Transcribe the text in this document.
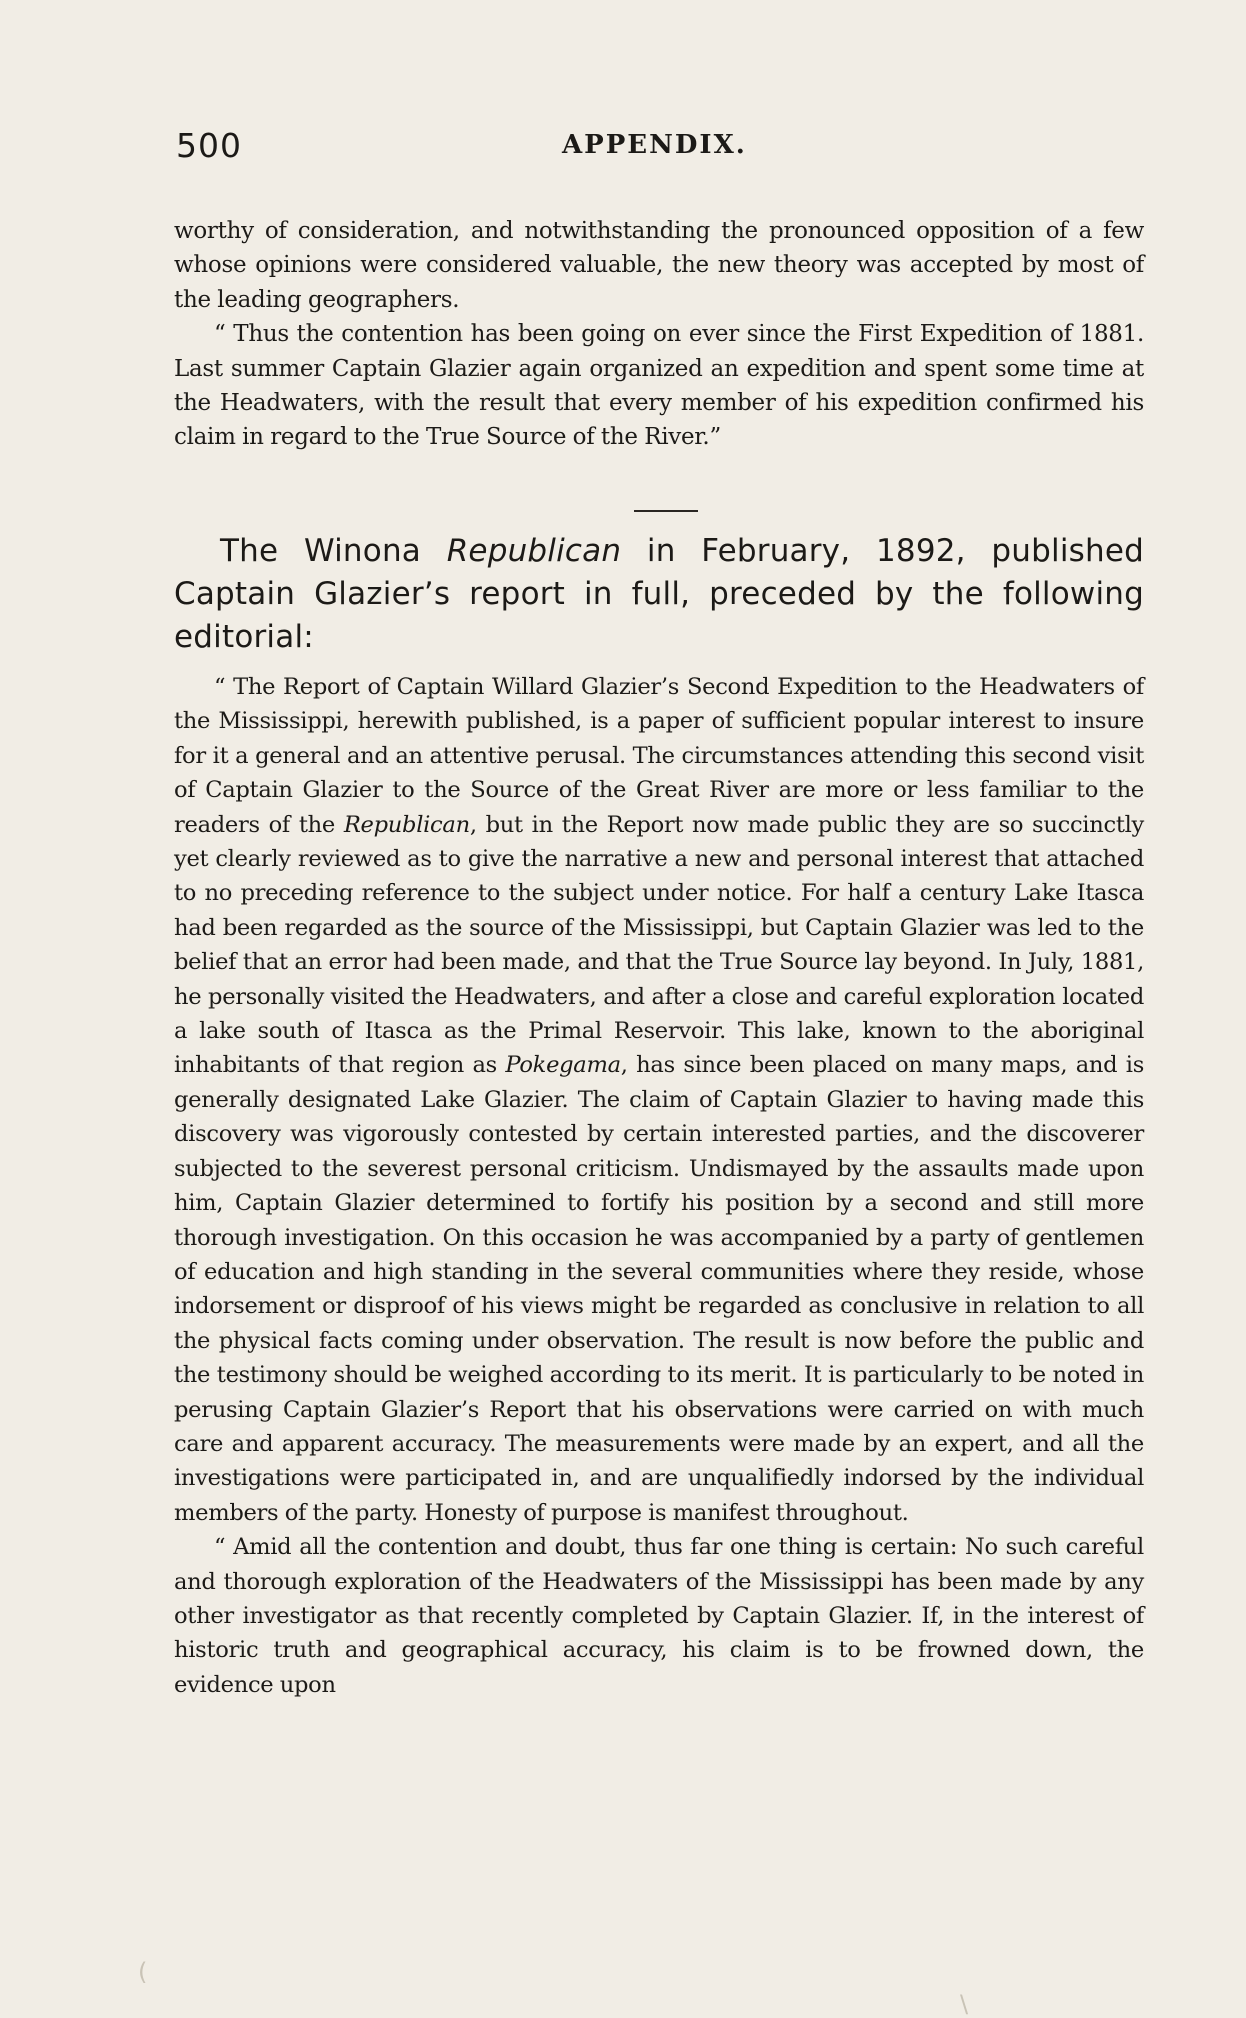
500	APPENDIX.

worthy of consideration, and notwithstanding the pronounced opposition of a few whose opinions were considered valuable, the new theory was accepted by most of the leading geographers.

“ Thus the contention has been going on ever since the First Expedition of 1881. Last summer Captain Glazier again organized an expedition and spent some time at the Headwaters, with the result that every member of his expedition confirmed his claim in regard to the True Source of the River.”

The Winona Republican in February, 1892, published Captain Glazier’s report in full, preceded by the following editorial:

“ The Report of Captain Willard Glazier’s Second Expedition to the Headwaters of the Mississippi, herewith published, is a paper of sufficient popular interest to insure for it a general and an attentive perusal. The circumstances attending this second visit of Captain Glazier to the Source of the Great River are more or less familiar to the readers of the Republican, but in the Report now made public they are so succinctly yet clearly reviewed as to give the narrative a new and personal interest that attached to no preceding reference to the subject under notice. For half a century Lake Itasca had been regarded as the source of the Mississippi, but Captain Glazier was led to the belief that an error had been made, and that the True Source lay beyond. In July, 1881, he personally visited the Headwaters, and after a close and careful exploration located a lake south of Itasca as the Primal Reservoir. This lake, known to the aboriginal inhabitants of that region as Pokegama, has since been placed on many maps, and is generally designated Lake Glazier. The claim of Captain Glazier to having made this discovery was vigorously contested by certain interested parties, and the discoverer subjected to the severest personal criticism. Undismayed by the assaults made upon him, Captain Glazier determined to fortify his position by a second and still more thorough investigation. On this occasion he was accompanied by a party of gentlemen of education and high standing in the several communities where they reside, whose indorsement or disproof of his views might be regarded as conclusive in relation to all the physical facts coming under observation. The result is now before the public and the testimony should be weighed according to its merit. It is particularly to be noted in perusing Captain Glazier’s Report that his observations were carried on with much care and apparent accuracy. The measurements were made by an expert, and all the investigations were participated in, and are unqualifiedly indorsed by the individual members of the party. Honesty of purpose is manifest throughout.

“ Amid all the contention and doubt, thus far one thing is certain: No such careful and thorough exploration of the Headwaters of the Mississippi has been made by any other investigator as that recently completed by Captain Glazier. If, in the interest of historic truth and geographical accuracy, his claim is to be frowned down, the evidence upon

(
\
